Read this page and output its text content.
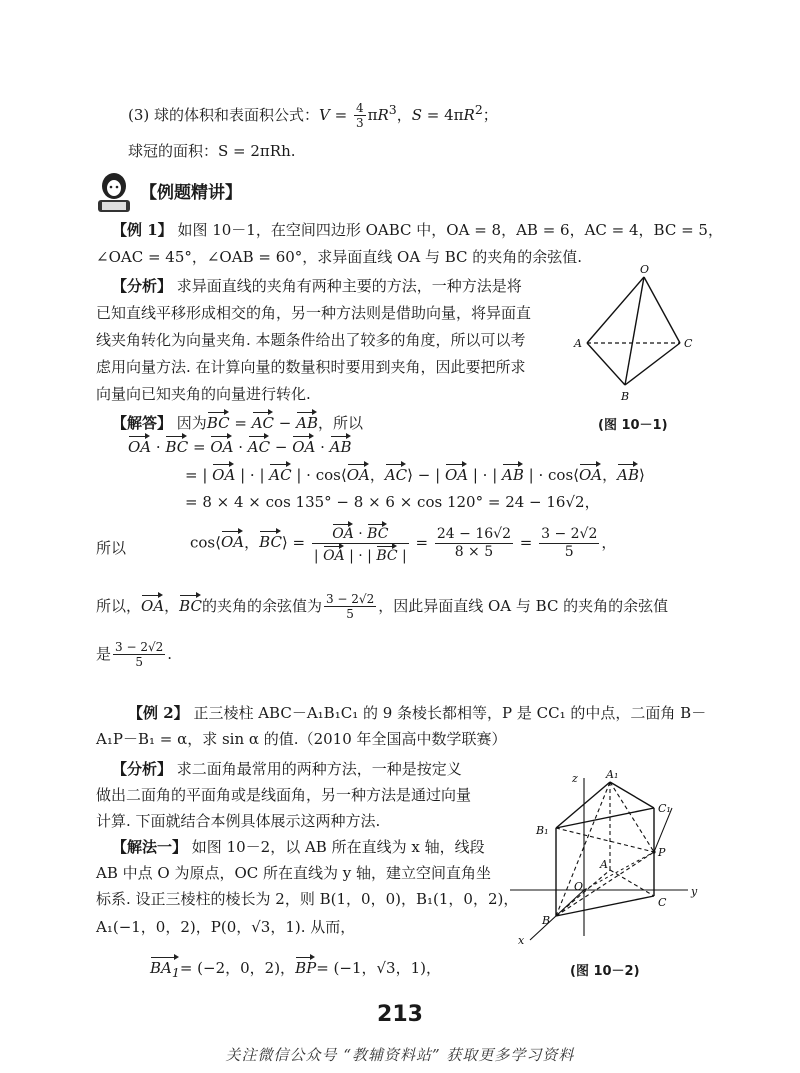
(3) 球的体积和表面积公式：$V = \frac{4}{3} \pi R^3$，$S = 4\pi R^2$；
球冠的面积：S = 2πRh.
【例题精讲】
【例 1】 如图 10－1，在空间四边形 OABC 中，OA = 8，AB = 6，AC = 4，BC = 5，
∠OAC = 45°，∠OAB = 60°，求异面直线 OA 与 BC 的夹角的余弦值.
【分析】 求异面直线的夹角有两种主要的方法，一种方法是将
已知直线平移形成相交的角，另一种方法则是借助向量，将异面直
线夹角转化为向量夹角. 本题条件给出了较多的角度，所以可以考
虑用向量方法. 在计算向量的数量积时要用到夹角，因此要把所求
向量向已知夹角的向量进行转化.
【解答】 因为BC = AC − AB，所以
OA · BC = OA · AC − OA · AB
= | OA | · | AC | · cos⟨OA，AC⟩ − | OA | · | AB | · cos⟨OA，AB⟩
= 8 × 4 × cos 135° − 8 × 6 × cos 120° = 24 − 16√2，
所以	cos⟨OA，BC⟩ = $\frac{OA \cdot BC}{| OA | \cdot | BC |} = \frac{24 - 16√2}{8 \times 5} = \frac{3 - 2√2}{5}$ ，
所以，OA，BC的夹角的余弦值为 $\frac{3 - 2√2}{5}$ ，因此异面直线 OA 与 BC 的夹角的余弦值
是 $\frac{3 - 2√2}{5}$ .
O
A	C
B
(图 10－1)
【例 2】 正三棱柱 ABC－A₁B₁C₁ 的 9 条棱长都相等，P 是 CC₁ 的中点，二面角 B－
A₁P－B₁ = α，求 sin α 的值.（2010 年全国高中数学联赛）
【分析】 求二面角最常用的两种方法，一种是按定义
做出二面角的平面角或是线面角，另一种方法是通过向量
计算. 下面就结合本例具体展示这两种方法.
【解法一】 如图 10－2，以 AB 所在直线为 x 轴，线段
AB 中点 O 为原点，OC 所在直线为 y 轴，建立空间直角坐
标系. 设正三棱柱的棱长为 2，则 B(1，0，0)，B₁(1，0，2)，
A₁(−1，0，2)，P(0，√3，1). 从而，
$BA_1= (-2$，0，2)，BP= (−1，√3，1)，
z
y
x
A₁
C₁
B₁
P
A
O
C
B
(图 10－2)
213
关注微信公众号 “教辅资料站” 获取更多学习资料
